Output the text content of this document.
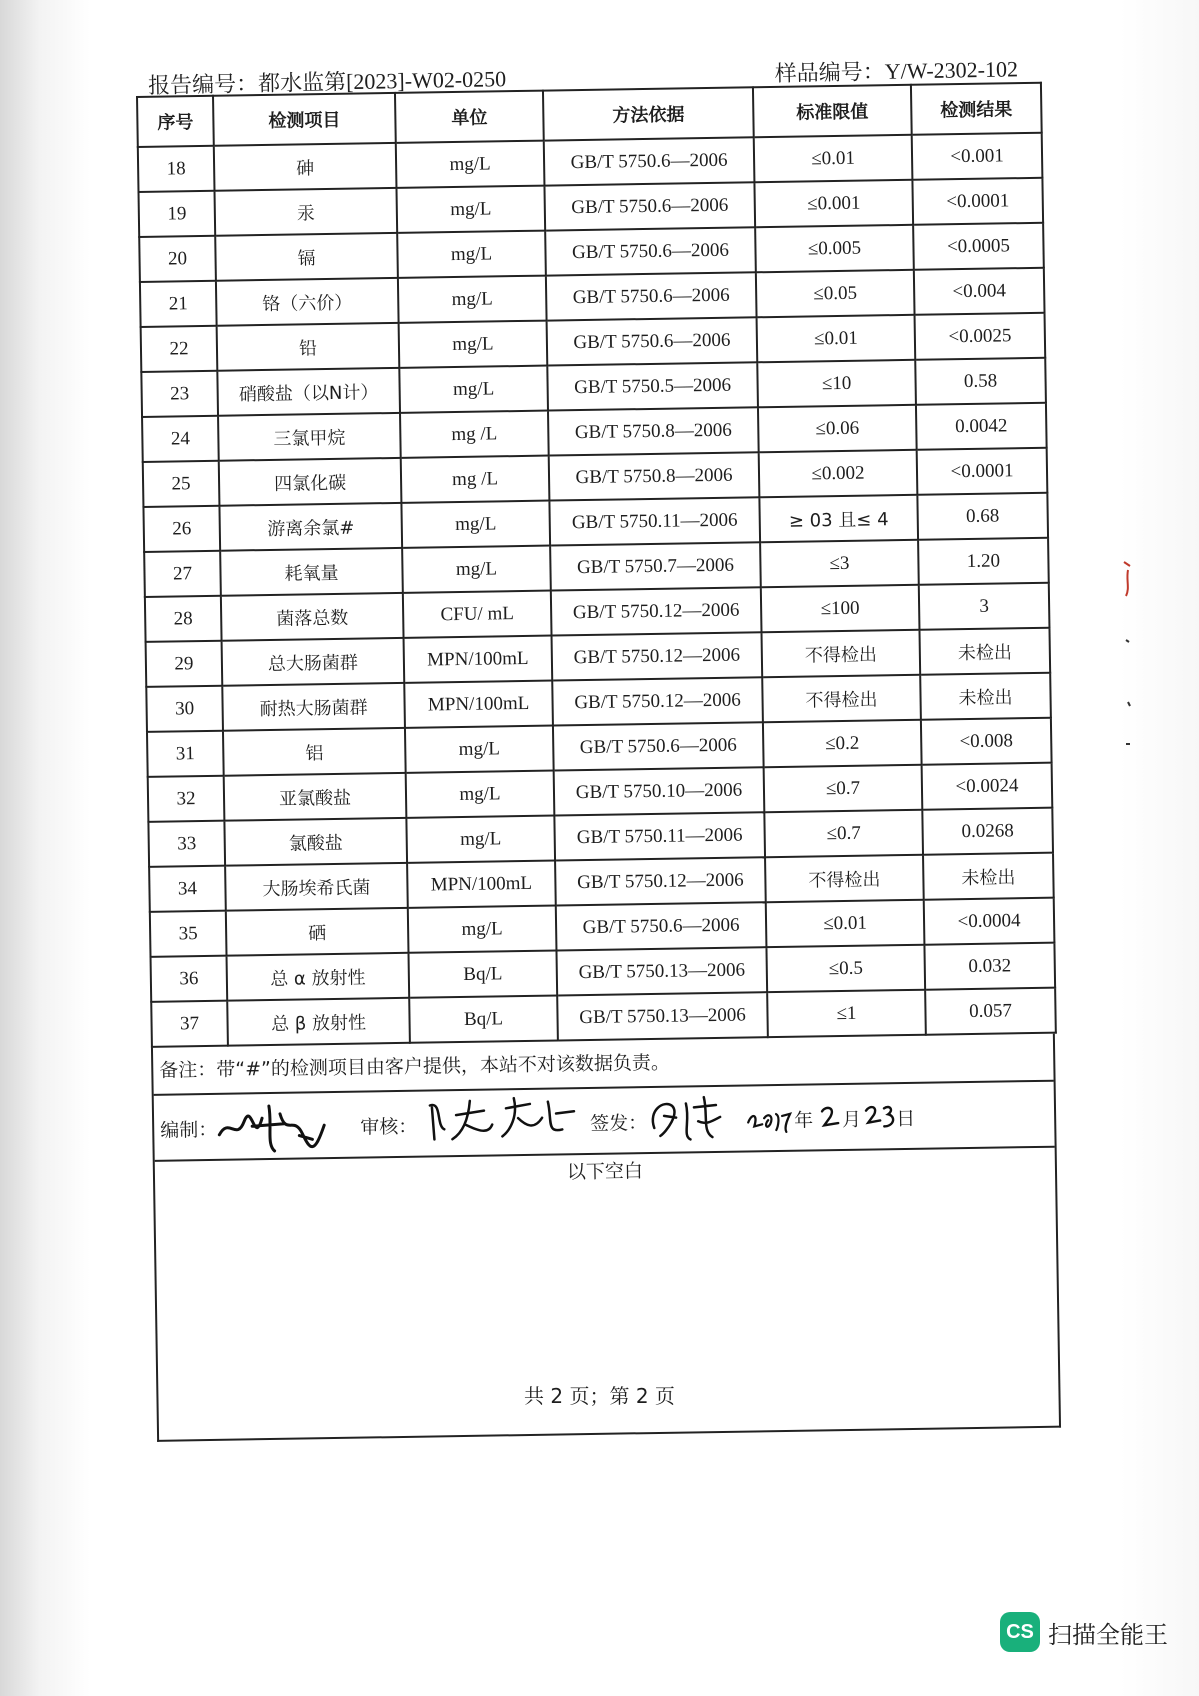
报告编号：都水监第[2023]-W02-0250	样品编号：Y/W-2302-102
序号	检测项目	单位	方法依据	标准限值	检测结果
18	砷	mg/L	GB/T 5750.6—2006	≤0.01	<0.001
19	汞	mg/L	GB/T 5750.6—2006	≤0.001	<0.0001
20	镉	mg/L	GB/T 5750.6—2006	≤0.005	<0.0005
21	铬（六价）	mg/L	GB/T 5750.6—2006	≤0.05	<0.004
22	铅	mg/L	GB/T 5750.6—2006	≤0.01	<0.0025
23	硝酸盐（以N计）	mg/L	GB/T 5750.5—2006	≤10	0.58
24	三氯甲烷	mg /L	GB/T 5750.8—2006	≤0.06	0.0042
25	四氯化碳	mg /L	GB/T 5750.8—2006	≤0.002	<0.0001
26	游离余氯#	mg/L	GB/T 5750.11—2006	≥ 03 且≤ 4	0.68
27	耗氧量	mg/L	GB/T 5750.7—2006	≤3	1.20
28	菌落总数	CFU/ mL	GB/T 5750.12—2006	≤100	3
29	总大肠菌群	MPN/100mL	GB/T 5750.12—2006	不得检出	未检出
30	耐热大肠菌群	MPN/100mL	GB/T 5750.12—2006	不得检出	未检出
31	铝	mg/L	GB/T 5750.6—2006	≤0.2	<0.008
32	亚氯酸盐	mg/L	GB/T 5750.10—2006	≤0.7	<0.0024
33	氯酸盐	mg/L	GB/T 5750.11—2006	≤0.7	0.0268
34	大肠埃希氏菌	MPN/100mL	GB/T 5750.12—2006	不得检出	未检出
35	硒	mg/L	GB/T 5750.6—2006	≤0.01	<0.0004
36	总 α 放射性	Bq/L	GB/T 5750.13—2006	≤0.5	0.032
37	总 β 放射性	Bq/L	GB/T 5750.13—2006	≤1	0.057
备注：带“#”的检测项目由客户提供，本站不对该数据负责。
编制：	审核：	签发：	年 月 日
以下空白
共 2 页；第 2 页
CS 扫描全能王
